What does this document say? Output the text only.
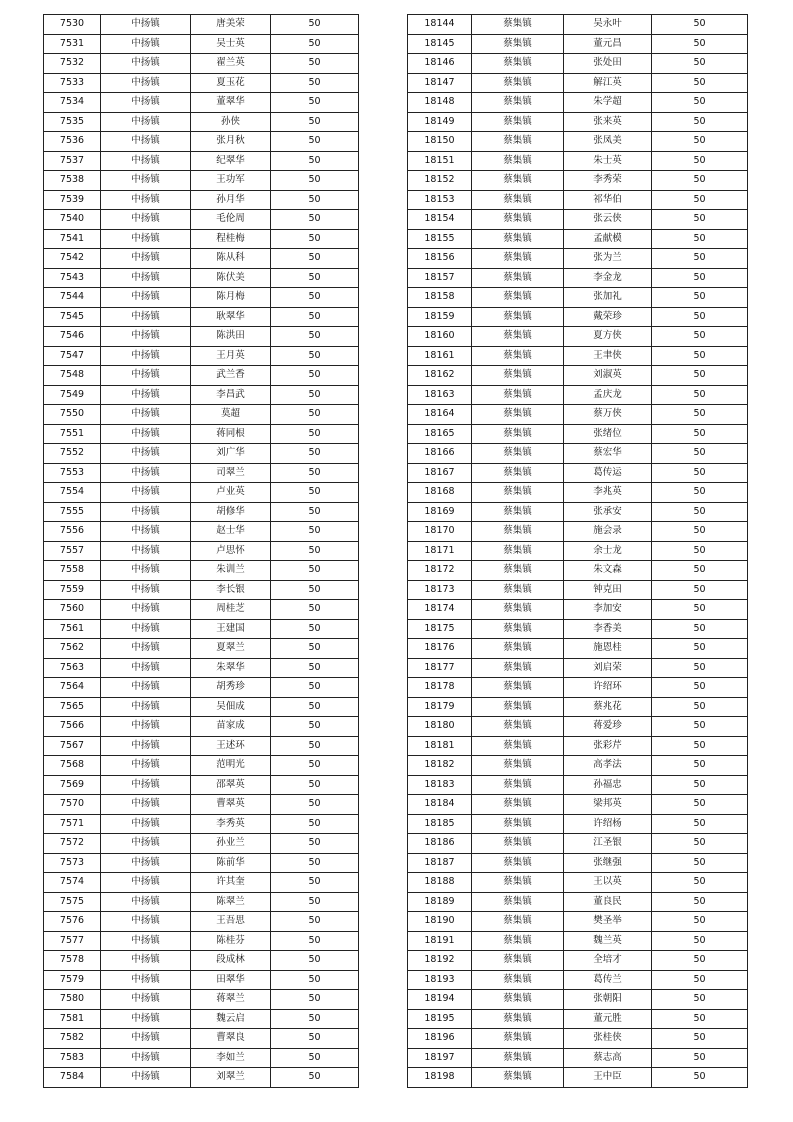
7530	中扬镇	唐美荣	50
7531	中扬镇	吴士英	50
7532	中扬镇	翟兰英	50
7533	中扬镇	夏玉花	50
7534	中扬镇	董翠华	50
7535	中扬镇	孙侠	50
7536	中扬镇	张月秋	50
7537	中扬镇	纪翠华	50
7538	中扬镇	王功军	50
7539	中扬镇	孙月华	50
7540	中扬镇	毛伦周	50
7541	中扬镇	程桂梅	50
7542	中扬镇	陈从科	50
7543	中扬镇	陈伏美	50
7544	中扬镇	陈月梅	50
7545	中扬镇	耿翠华	50
7546	中扬镇	陈洪田	50
7547	中扬镇	王月英	50
7548	中扬镇	武兰香	50
7549	中扬镇	李昌武	50
7550	中扬镇	莫超	50
7551	中扬镇	蒋同根	50
7552	中扬镇	刘广华	50
7553	中扬镇	司翠兰	50
7554	中扬镇	卢业英	50
7555	中扬镇	胡修华	50
7556	中扬镇	赵士华	50
7557	中扬镇	卢思怀	50
7558	中扬镇	朱训兰	50
7559	中扬镇	李长银	50
7560	中扬镇	周桂芝	50
7561	中扬镇	王建国	50
7562	中扬镇	夏翠兰	50
7563	中扬镇	朱翠华	50
7564	中扬镇	胡秀珍	50
7565	中扬镇	吴佃成	50
7566	中扬镇	苗家成	50
7567	中扬镇	王述环	50
7568	中扬镇	范明光	50
7569	中扬镇	邵翠英	50
7570	中扬镇	曹翠英	50
7571	中扬镇	李秀英	50
7572	中扬镇	孙业兰	50
7573	中扬镇	陈前华	50
7574	中扬镇	许其奎	50
7575	中扬镇	陈翠兰	50
7576	中扬镇	王吾思	50
7577	中扬镇	陈桂芬	50
7578	中扬镇	段成林	50
7579	中扬镇	田翠华	50
7580	中扬镇	蒋翠兰	50
7581	中扬镇	魏云启	50
7582	中扬镇	曹翠良	50
7583	中扬镇	李如兰	50
7584	中扬镇	刘翠兰	50
18144	蔡集镇	吴永叶	50
18145	蔡集镇	董元昌	50
18146	蔡集镇	张处田	50
18147	蔡集镇	解江英	50
18148	蔡集镇	朱学超	50
18149	蔡集镇	张来英	50
18150	蔡集镇	张凤美	50
18151	蔡集镇	朱士英	50
18152	蔡集镇	李秀荣	50
18153	蔡集镇	祁华伯	50
18154	蔡集镇	张云侠	50
18155	蔡集镇	孟献模	50
18156	蔡集镇	张为兰	50
18157	蔡集镇	李金龙	50
18158	蔡集镇	张加礼	50
18159	蔡集镇	戴荣珍	50
18160	蔡集镇	夏方侠	50
18161	蔡集镇	王聿侠	50
18162	蔡集镇	刘淑英	50
18163	蔡集镇	孟庆龙	50
18164	蔡集镇	蔡万侠	50
18165	蔡集镇	张绪位	50
18166	蔡集镇	蔡宏华	50
18167	蔡集镇	葛传运	50
18168	蔡集镇	李兆英	50
18169	蔡集镇	张承安	50
18170	蔡集镇	施会录	50
18171	蔡集镇	余士龙	50
18172	蔡集镇	朱文森	50
18173	蔡集镇	钟克田	50
18174	蔡集镇	李加安	50
18175	蔡集镇	李香美	50
18176	蔡集镇	施恩桂	50
18177	蔡集镇	刘启荣	50
18178	蔡集镇	许绍环	50
18179	蔡集镇	蔡兆花	50
18180	蔡集镇	蒋爱珍	50
18181	蔡集镇	张彩芹	50
18182	蔡集镇	高孝法	50
18183	蔡集镇	孙福忠	50
18184	蔡集镇	梁邦英	50
18185	蔡集镇	许绍杨	50
18186	蔡集镇	江圣银	50
18187	蔡集镇	张继强	50
18188	蔡集镇	王以英	50
18189	蔡集镇	董良民	50
18190	蔡集镇	樊圣举	50
18191	蔡集镇	魏兰英	50
18192	蔡集镇	全培才	50
18193	蔡集镇	葛传兰	50
18194	蔡集镇	张朝阳	50
18195	蔡集镇	董元胜	50
18196	蔡集镇	张桂侠	50
18197	蔡集镇	蔡志高	50
18198	蔡集镇	王中臣	50
